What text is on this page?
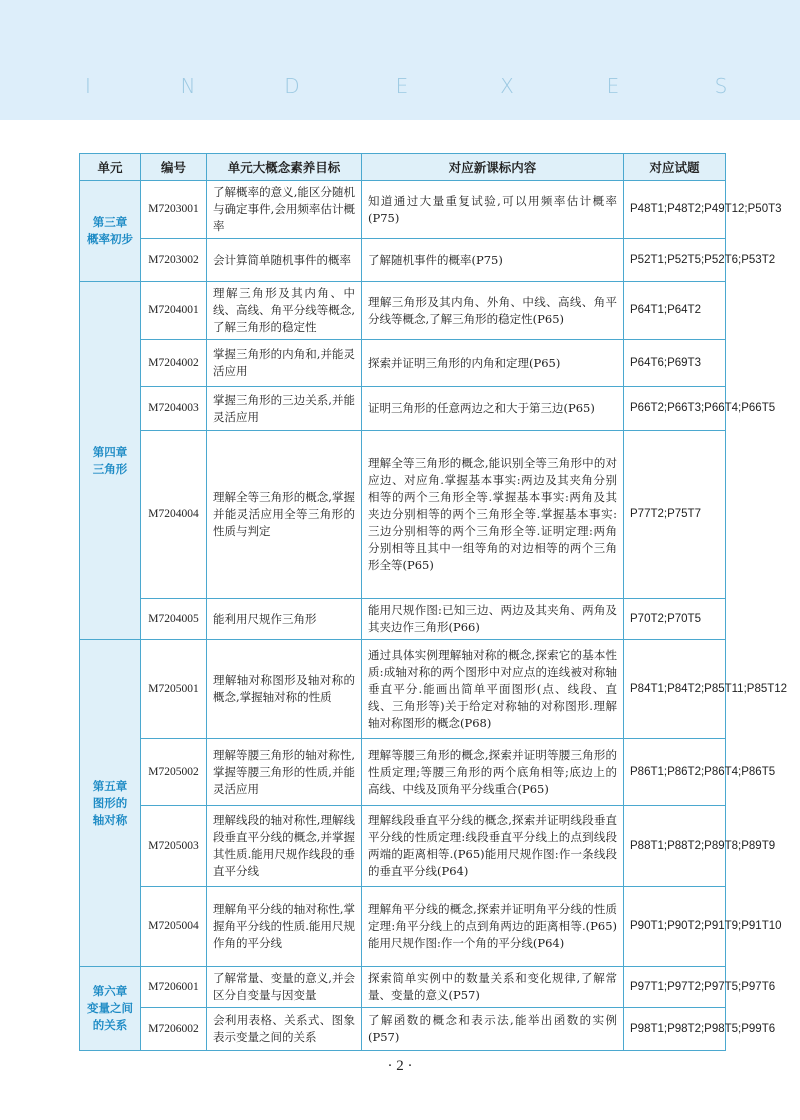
I	N	D	E	X	E	S
单元	编号	单元大概念素养目标	对应新课标内容	对应试题

第三章
概率初步	M7203001	了解概率的意义,能区分随机与确定事件,会用频率估计概率	知道通过大量重复试验,可以用频率估计概率(P75)	P48T1;P48T2;P49T12;P50T3
	M7203002	会计算简单随机事件的概率	了解随机事件的概率(P75)	P52T1;P52T5;P52T6;P53T2

第四章
三角形	M7204001	理解三角形及其内角、中线、高线、角平分线等概念,了解三角形的稳定性	理解三角形及其内角、外角、中线、高线、角平分线等概念,了解三角形的稳定性(P65)	P64T1;P64T2
	M7204002	掌握三角形的内角和,并能灵活应用	探索并证明三角形的内角和定理(P65)	P64T6;P69T3
	M7204003	掌握三角形的三边关系,并能灵活应用	证明三角形的任意两边之和大于第三边(P65)	P66T2;P66T3;P66T4;P66T5
	M7204004	理解全等三角形的概念,掌握并能灵活应用全等三角形的性质与判定	理解全等三角形的概念,能识别全等三角形中的对应边、对应角.掌握基本事实:两边及其夹角分别相等的两个三角形全等.掌握基本事实:两角及其夹边分别相等的两个三角形全等.掌握基本事实:三边分别相等的两个三角形全等.证明定理:两角分别相等且其中一组等角的对边相等的两个三角形全等(P65)	P77T2;P75T7
	M7204005	能利用尺规作三角形	能用尺规作图:已知三边、两边及其夹角、两角及其夹边作三角形(P66)	P70T2;P70T5

第五章
图形的
轴对称	M7205001	理解轴对称图形及轴对称的概念,掌握轴对称的性质	通过具体实例理解轴对称的概念,探索它的基本性质:成轴对称的两个图形中对应点的连线被对称轴垂直平分.能画出简单平面图形(点、线段、直线、三角形等)关于给定对称轴的对称图形.理解轴对称图形的概念(P68)	P84T1;P84T2;P85T11;P85T12
	M7205002	理解等腰三角形的轴对称性,掌握等腰三角形的性质,并能灵活应用	理解等腰三角形的概念,探索并证明等腰三角形的性质定理;等腰三角形的两个底角相等;底边上的高线、中线及顶角平分线重合(P65)	P86T1;P86T2;P86T4;P86T5
	M7205003	理解线段的轴对称性,理解线段垂直平分线的概念,并掌握其性质.能用尺规作线段的垂直平分线	理解线段垂直平分线的概念,探索并证明线段垂直平分线的性质定理:线段垂直平分线上的点到线段两端的距离相等.(P65)能用尺规作图:作一条线段的垂直平分线(P64)	P88T1;P88T2;P89T8;P89T9
	M7205004	理解角平分线的轴对称性,掌握角平分线的性质.能用尺规作角的平分线	理解角平分线的概念,探索并证明角平分线的性质定理:角平分线上的点到角两边的距离相等.(P65)能用尺规作图:作一个角的平分线(P64)	P90T1;P90T2;P91T9;P91T10

第六章
变量之间
的关系	M7206001	了解常量、变量的意义,并会区分自变量与因变量	探索简单实例中的数量关系和变化规律,了解常量、变量的意义(P57)	P97T1;P97T2;P97T5;P97T6
	M7206002	会利用表格、关系式、图象表示变量之间的关系	了解函数的概念和表示法,能举出函数的实例(P57)	P98T1;P98T2;P98T5;P99T6
· 2 ·
